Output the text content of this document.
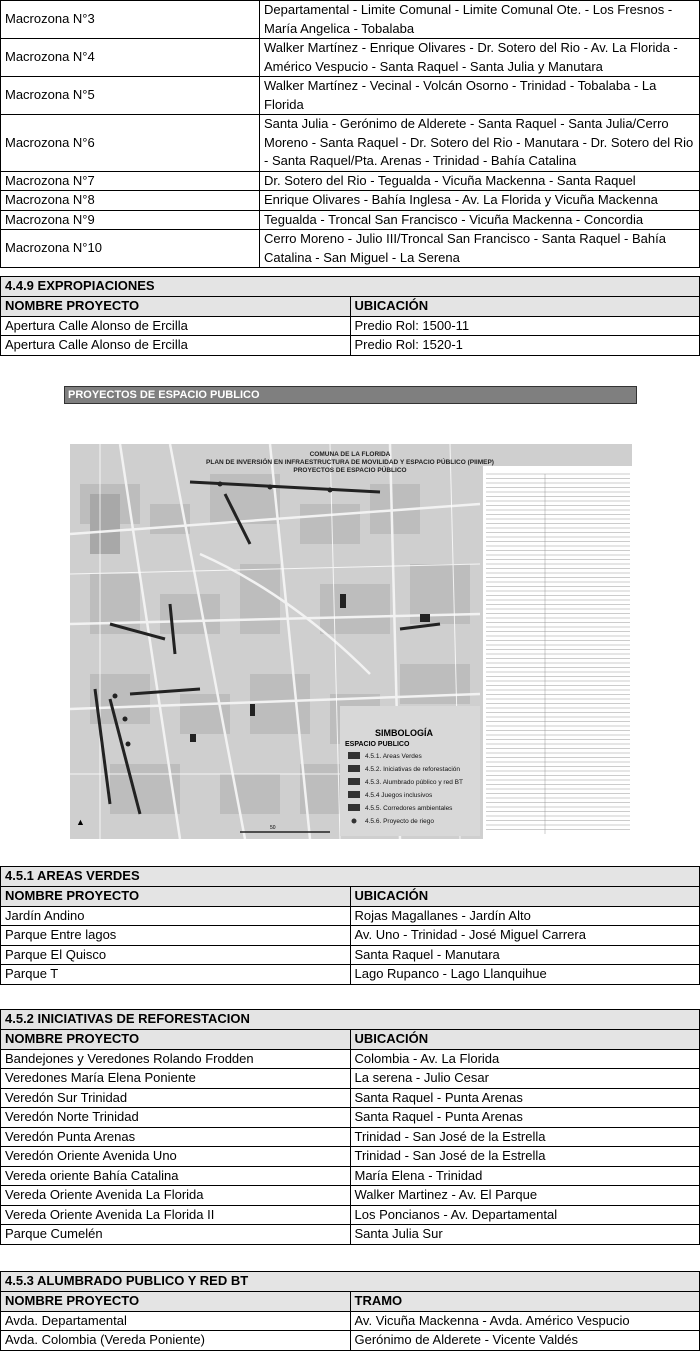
Macrozona N°3	Departamental - Limite Comunal - Limite Comunal Ote. - Los Fresnos - María Angelica - Tobalaba
Macrozona N°4	Walker Martínez - Enrique Olivares - Dr. Sotero del Rio - Av. La Florida - Américo Vespucio - Santa Raquel - Santa Julia y Manutara
Macrozona N°5	Walker Martínez - Vecinal - Volcán Osorno - Trinidad - Tobalaba - La Florida
Macrozona N°6	Santa Julia - Gerónimo de Alderete - Santa Raquel - Santa Julia/Cerro Moreno - Santa Raquel - Dr. Sotero del Rio - Manutara - Dr. Sotero del Rio - Santa Raquel/Pta. Arenas - Trinidad - Bahía Catalina
Macrozona N°7	Dr. Sotero del Rio - Tegualda - Vicuña Mackenna - Santa Raquel
Macrozona N°8	Enrique Olivares - Bahía Inglesa - Av. La Florida y Vicuña Mackenna
Macrozona N°9	Tegualda - Troncal San Francisco - Vicuña Mackenna - Concordia
Macrozona N°10	Cerro Moreno - Julio III/Troncal San Francisco - Santa Raquel - Bahía Catalina - San Miguel - La Serena
4.4.9 EXPROPIACIONES	
NOMBRE PROYECTO	UBICACIÓN
Apertura Calle Alonso de Ercilla	Predio Rol: 1500-11
Apertura Calle Alonso de Ercilla	Predio Rol: 1520-1
PROYECTOS DE ESPACIO PUBLICO
COMUNA DE LA FLORIDA
PLAN DE INVERSIÓN EN INFRAESTRUCTURA DE MOVILIDAD Y ESPACIO PÚBLICO (PIIMEP)
PROYECTOS DE ESPACIO PÚBLICO
SIMBOLOGÍA
ESPACIO PUBLICO
4.5.1. Areas Verdes
4.5.2. Iniciativas de reforestación
4.5.3. Alumbrado público y red BT
4.5.4 Juegos inclusivos
4.5.5. Corredores ambientales
4.5.6. Proyecto de riego
▲
50
4.5.1 AREAS VERDES	
NOMBRE PROYECTO	UBICACIÓN
Jardín Andino	Rojas Magallanes - Jardín Alto
Parque Entre lagos	Av. Uno - Trinidad - José Miguel Carrera
Parque El Quisco	Santa Raquel - Manutara
Parque T	Lago Rupanco - Lago Llanquihue
4.5.2 INICIATIVAS DE REFORESTACION	
NOMBRE PROYECTO	UBICACIÓN
Bandejones y Veredones Rolando Frodden	Colombia - Av. La Florida
Veredones María Elena Poniente	La serena - Julio Cesar
Veredón Sur Trinidad	Santa Raquel - Punta Arenas
Veredón Norte Trinidad	Santa Raquel - Punta Arenas
Veredón Punta Arenas	Trinidad - San José de la Estrella
Veredón Oriente Avenida Uno	Trinidad - San José de la Estrella
Vereda oriente Bahía Catalina	María Elena - Trinidad
Vereda Oriente Avenida La Florida	Walker Martinez - Av. El Parque
Vereda Oriente Avenida La Florida II	Los Poncianos - Av. Departamental
Parque Cumelén	Santa Julia Sur
4.5.3 ALUMBRADO PUBLICO Y RED BT	
NOMBRE PROYECTO	TRAMO
Avda. Departamental	Av. Vicuña Mackenna - Avda. Américo Vespucio
Avda. Colombia (Vereda Poniente)	Gerónimo de Alderete - Vicente Valdés
